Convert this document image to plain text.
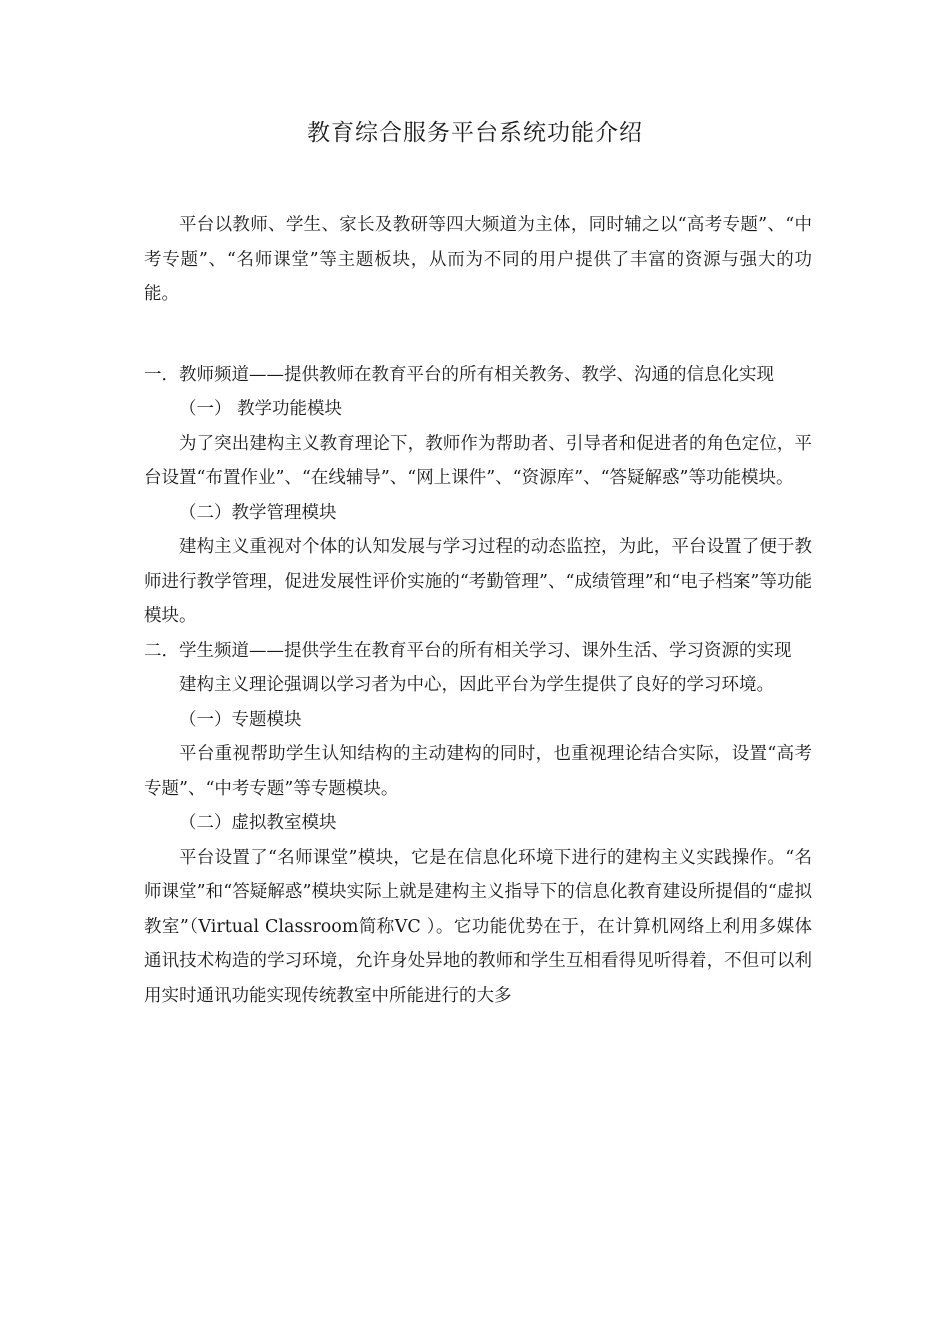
教育综合服务平台系统功能介绍

平台以教师、学生、家长及教研等四大频道为主体，同时辅之以“高考专题”、“中考专题”、“名师课堂”等主题板块，从而为不同的用户提供了丰富的资源与强大的功能。

一．教师频道——提供教师在教育平台的所有相关教务、教学、沟通的信息化实现

（一） 教学功能模块

为了突出建构主义教育理论下，教师作为帮助者、引导者和促进者的角色定位，平台设置“布置作业”、“在线辅导”、“网上课件”、“资源库”、“答疑解惑”等功能模块。

（二）教学管理模块

建构主义重视对个体的认知发展与学习过程的动态监控，为此，平台设置了便于教师进行教学管理，促进发展性评价实施的“考勤管理”、“成绩管理”和“电子档案”等功能模块。

二．学生频道——提供学生在教育平台的所有相关学习、课外生活、学习资源的实现

建构主义理论强调以学习者为中心，因此平台为学生提供了良好的学习环境。

（一）专题模块

平台重视帮助学生认知结构的主动建构的同时，也重视理论结合实际，设置“高考专题”、“中考专题”等专题模块。

（二）虚拟教室模块

平台设置了“名师课堂”模块，它是在信息化环境下进行的建构主义实践操作。“名师课堂”和“答疑解惑”模块实际上就是建构主义指导下的信息化教育建设所提倡的“虚拟教室”（Virtual Classroom简称VC ）。它功能优势在于，在计算机网络上利用多媒体通讯技术构造的学习环境，允许身处异地的教师和学生互相看得见听得着，不但可以利用实时通讯功能实现传统教室中所能进行的大多
